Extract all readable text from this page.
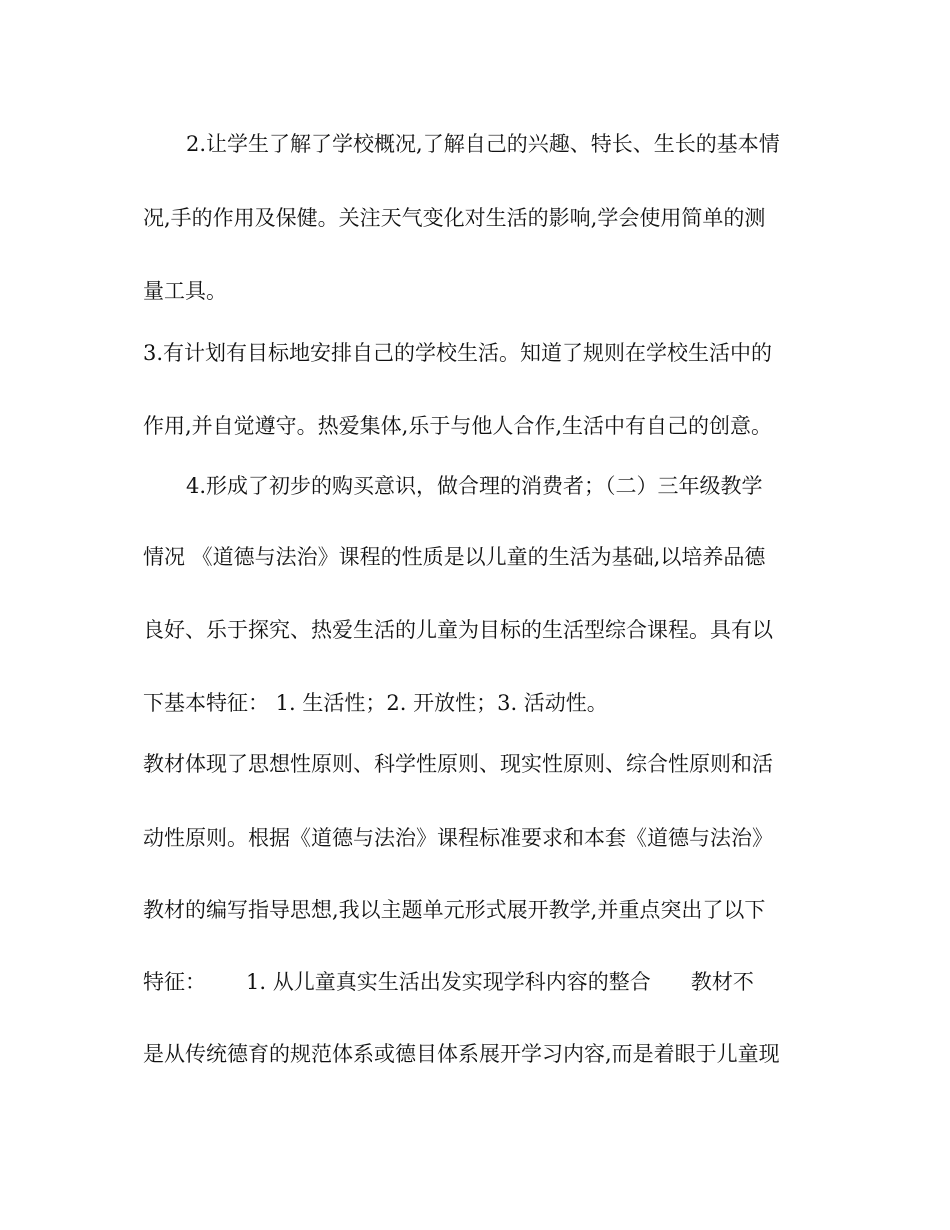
2.让学生了解了学校概况,了解自己的兴趣、特长、生长的基本情
况,手的作用及保健。关注天气变化对生活的影响,学会使用简单的测
量工具。
3.有计划有目标地安排自己的学校生活。知道了规则在学校生活中的
作用,并自觉遵守。热爱集体,乐于与他人合作,生活中有自己的创意。
4.形成了初步的购买意识，做合理的消费者；（二）三年级教学
情况 《道德与法治》课程的性质是以儿童的生活为基础,以培养品德
良好、乐于探究、热爱生活的儿童为目标的生活型综合课程。具有以
下基本特征： 1. 生活性；2. 开放性；3. 活动性。
教材体现了思想性原则、科学性原则、现实性原则、综合性原则和活
动性原则。根据《道德与法治》课程标准要求和本套《道德与法治》
教材的编写指导思想,我以主题单元形式展开教学,并重点突出了以下
特征：      1. 从儿童真实生活出发实现学科内容的整合      教材不
是从传统德育的规范体系或德目体系展开学习内容,而是着眼于儿童现
